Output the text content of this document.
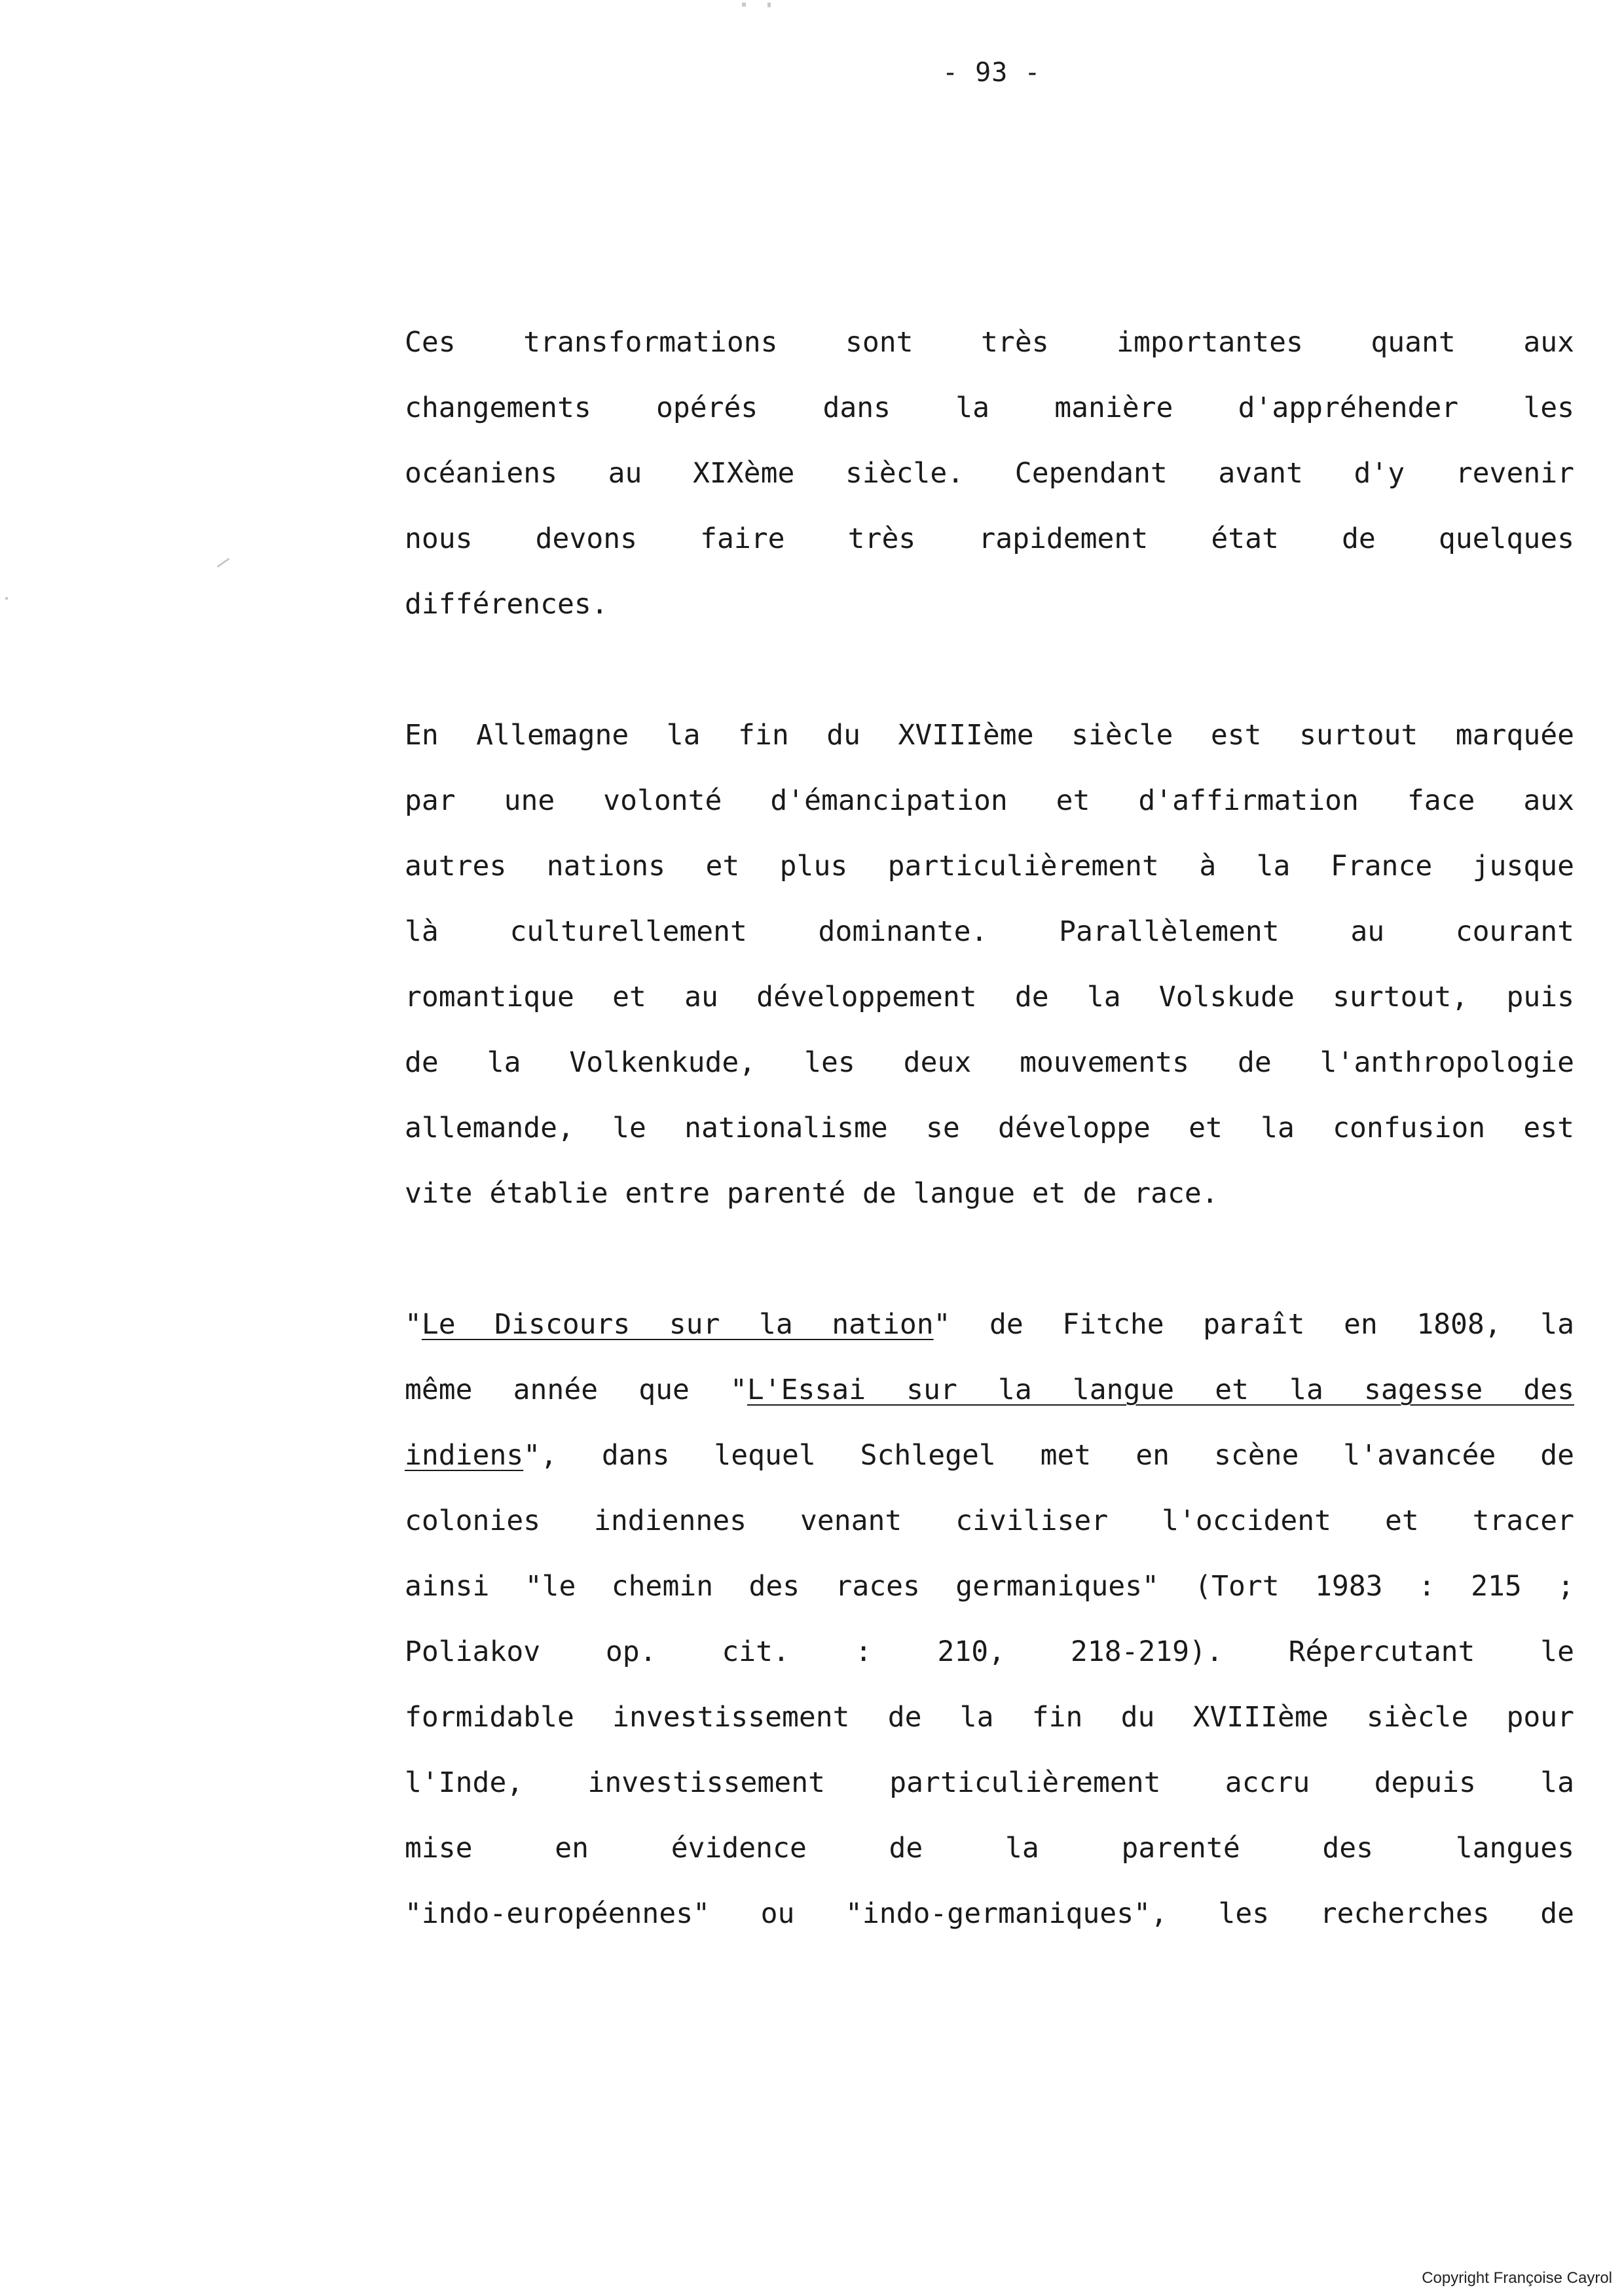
- 93 -
Ces transformations sont très importantes quant aux
changements opérés dans la manière d'appréhender les
océaniens au XIXème siècle. Cependant avant d'y revenir
nous devons faire très rapidement état de quelques
différences.
En Allemagne la fin du XVIIIème siècle est surtout marquée
par une volonté d'émancipation et d'affirmation face aux
autres nations et plus particulièrement à la France jusque
là culturellement dominante. Parallèlement au courant
romantique et au développement de la Volskude surtout, puis
de la Volkenkude, les deux mouvements de l'anthropologie
allemande, le nationalisme se développe et la confusion est
vite établie entre parenté de langue et de race.
"Le Discours sur la nation" de Fitche paraît en 1808, la
même année que "L'Essai sur la langue et la sagesse des
indiens", dans lequel Schlegel met en scène l'avancée de
colonies indiennes venant civiliser l'occident et tracer
ainsi "le chemin des races germaniques" (Tort 1983 : 215 ;
Poliakov op. cit. : 210, 218-219). Répercutant le
formidable investissement de la fin du XVIIIème siècle pour
l'Inde, investissement particulièrement accru depuis la
mise en évidence de la parenté des langues
"indo-européennes" ou "indo-germaniques", les recherches de
Copyright Françoise Cayrol
